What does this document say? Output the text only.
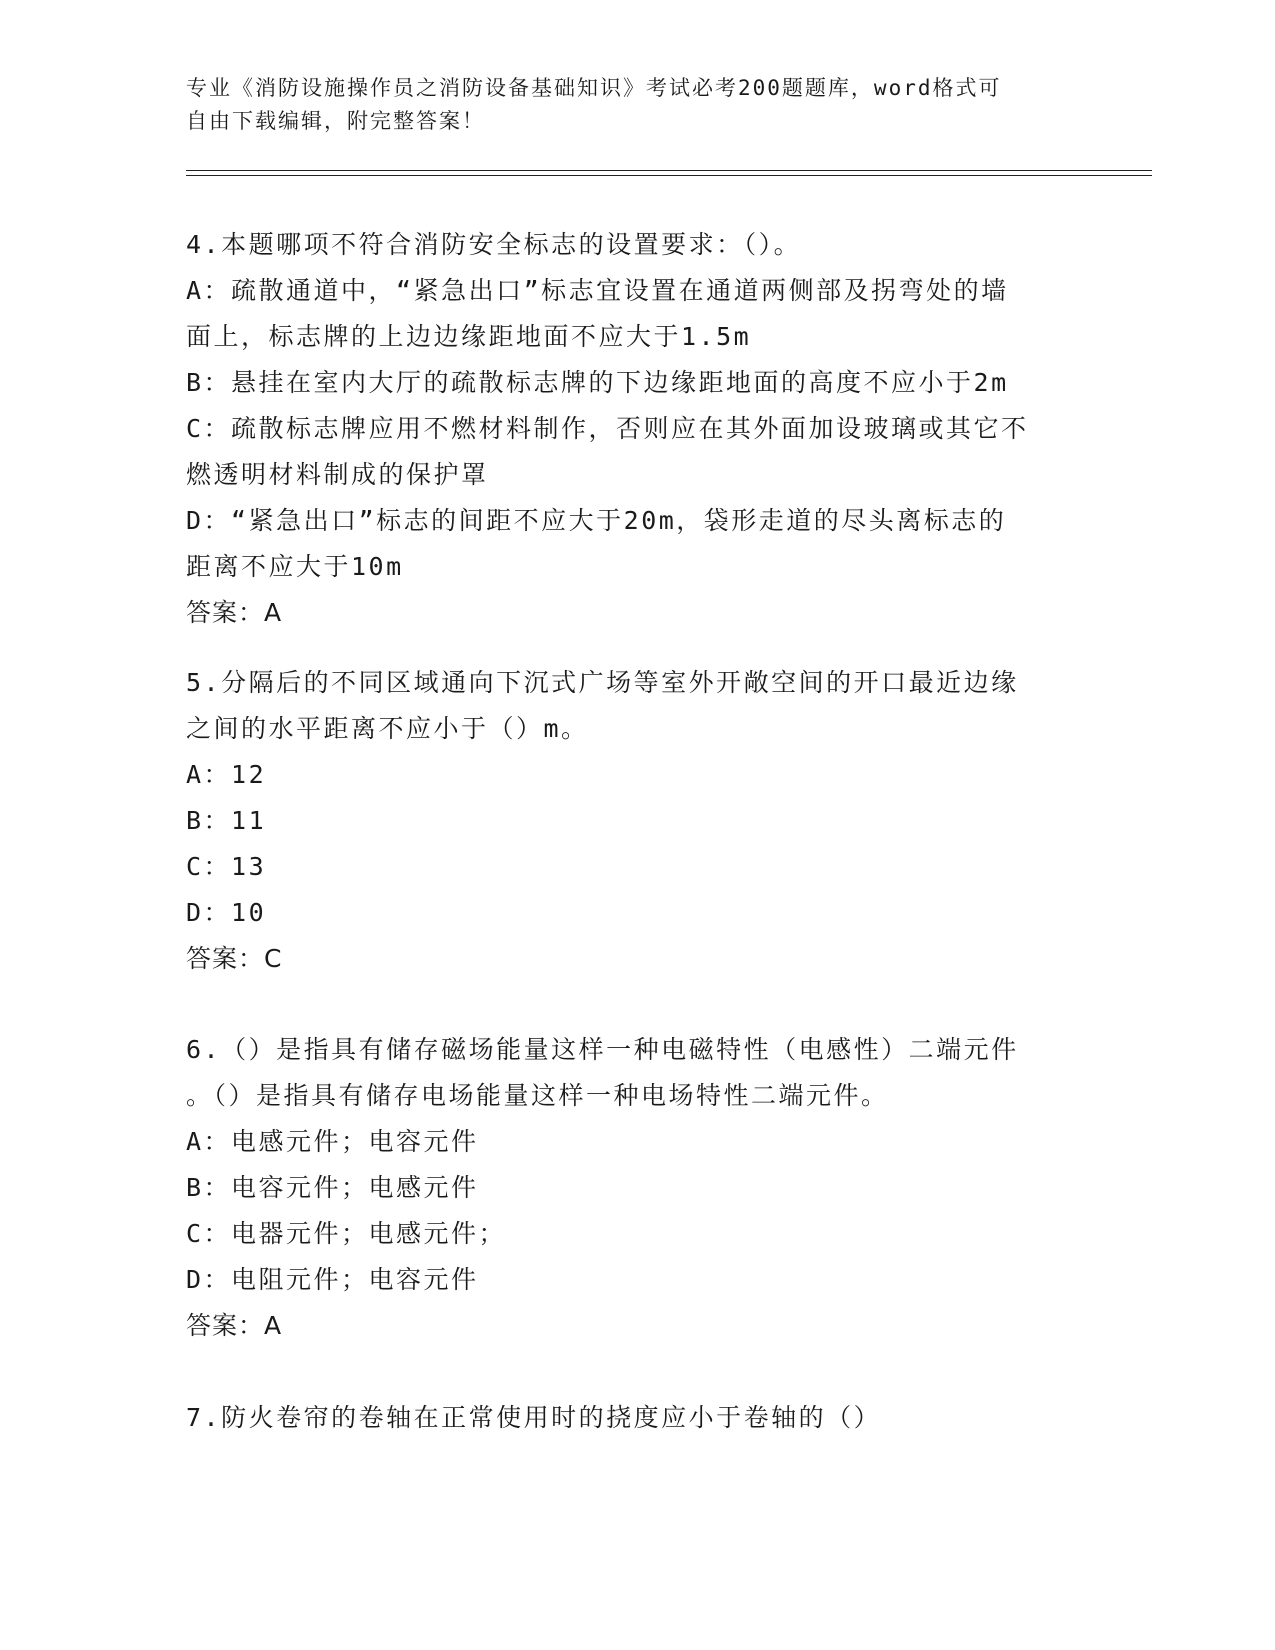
专业《消防设施操作员之消防设备基础知识》考试必考200题题库，word格式可
自由下载编辑，附完整答案！
4.本题哪项不符合消防安全标志的设置要求：（）。
A：疏散通道中，“紧急出口”标志宜设置在通道两侧部及拐弯处的墙
面上，标志牌的上边边缘距地面不应大于1.5m
B：悬挂在室内大厅的疏散标志牌的下边缘距地面的高度不应小于2m
C：疏散标志牌应用不燃材料制作，否则应在其外面加设玻璃或其它不
燃透明材料制成的保护罩
D：“紧急出口”标志的间距不应大于20m，袋形走道的尽头离标志的
距离不应大于10m
答案：A
5.分隔后的不同区域通向下沉式广场等室外开敞空间的开口最近边缘
之间的水平距离不应小于（）m。
A：12
B：11
C：13
D：10
答案：C
6.（）是指具有储存磁场能量这样一种电磁特性（电感性）二端元件
。（）是指具有储存电场能量这样一种电场特性二端元件。
A：电感元件；电容元件
B：电容元件；电感元件
C：电器元件；电感元件；
D：电阻元件；电容元件
答案：A
7.防火卷帘的卷轴在正常使用时的挠度应小于卷轴的（）
